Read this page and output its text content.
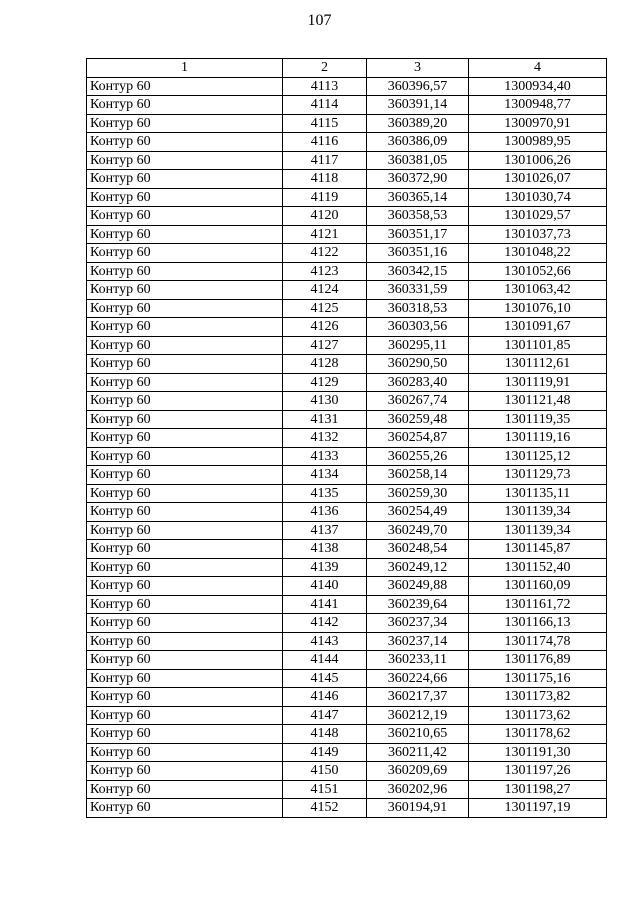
107
1	2	3	4
Контур 60	4113	360396,57	1300934,40
Контур 60	4114	360391,14	1300948,77
Контур 60	4115	360389,20	1300970,91
Контур 60	4116	360386,09	1300989,95
Контур 60	4117	360381,05	1301006,26
Контур 60	4118	360372,90	1301026,07
Контур 60	4119	360365,14	1301030,74
Контур 60	4120	360358,53	1301029,57
Контур 60	4121	360351,17	1301037,73
Контур 60	4122	360351,16	1301048,22
Контур 60	4123	360342,15	1301052,66
Контур 60	4124	360331,59	1301063,42
Контур 60	4125	360318,53	1301076,10
Контур 60	4126	360303,56	1301091,67
Контур 60	4127	360295,11	1301101,85
Контур 60	4128	360290,50	1301112,61
Контур 60	4129	360283,40	1301119,91
Контур 60	4130	360267,74	1301121,48
Контур 60	4131	360259,48	1301119,35
Контур 60	4132	360254,87	1301119,16
Контур 60	4133	360255,26	1301125,12
Контур 60	4134	360258,14	1301129,73
Контур 60	4135	360259,30	1301135,11
Контур 60	4136	360254,49	1301139,34
Контур 60	4137	360249,70	1301139,34
Контур 60	4138	360248,54	1301145,87
Контур 60	4139	360249,12	1301152,40
Контур 60	4140	360249,88	1301160,09
Контур 60	4141	360239,64	1301161,72
Контур 60	4142	360237,34	1301166,13
Контур 60	4143	360237,14	1301174,78
Контур 60	4144	360233,11	1301176,89
Контур 60	4145	360224,66	1301175,16
Контур 60	4146	360217,37	1301173,82
Контур 60	4147	360212,19	1301173,62
Контур 60	4148	360210,65	1301178,62
Контур 60	4149	360211,42	1301191,30
Контур 60	4150	360209,69	1301197,26
Контур 60	4151	360202,96	1301198,27
Контур 60	4152	360194,91	1301197,19
